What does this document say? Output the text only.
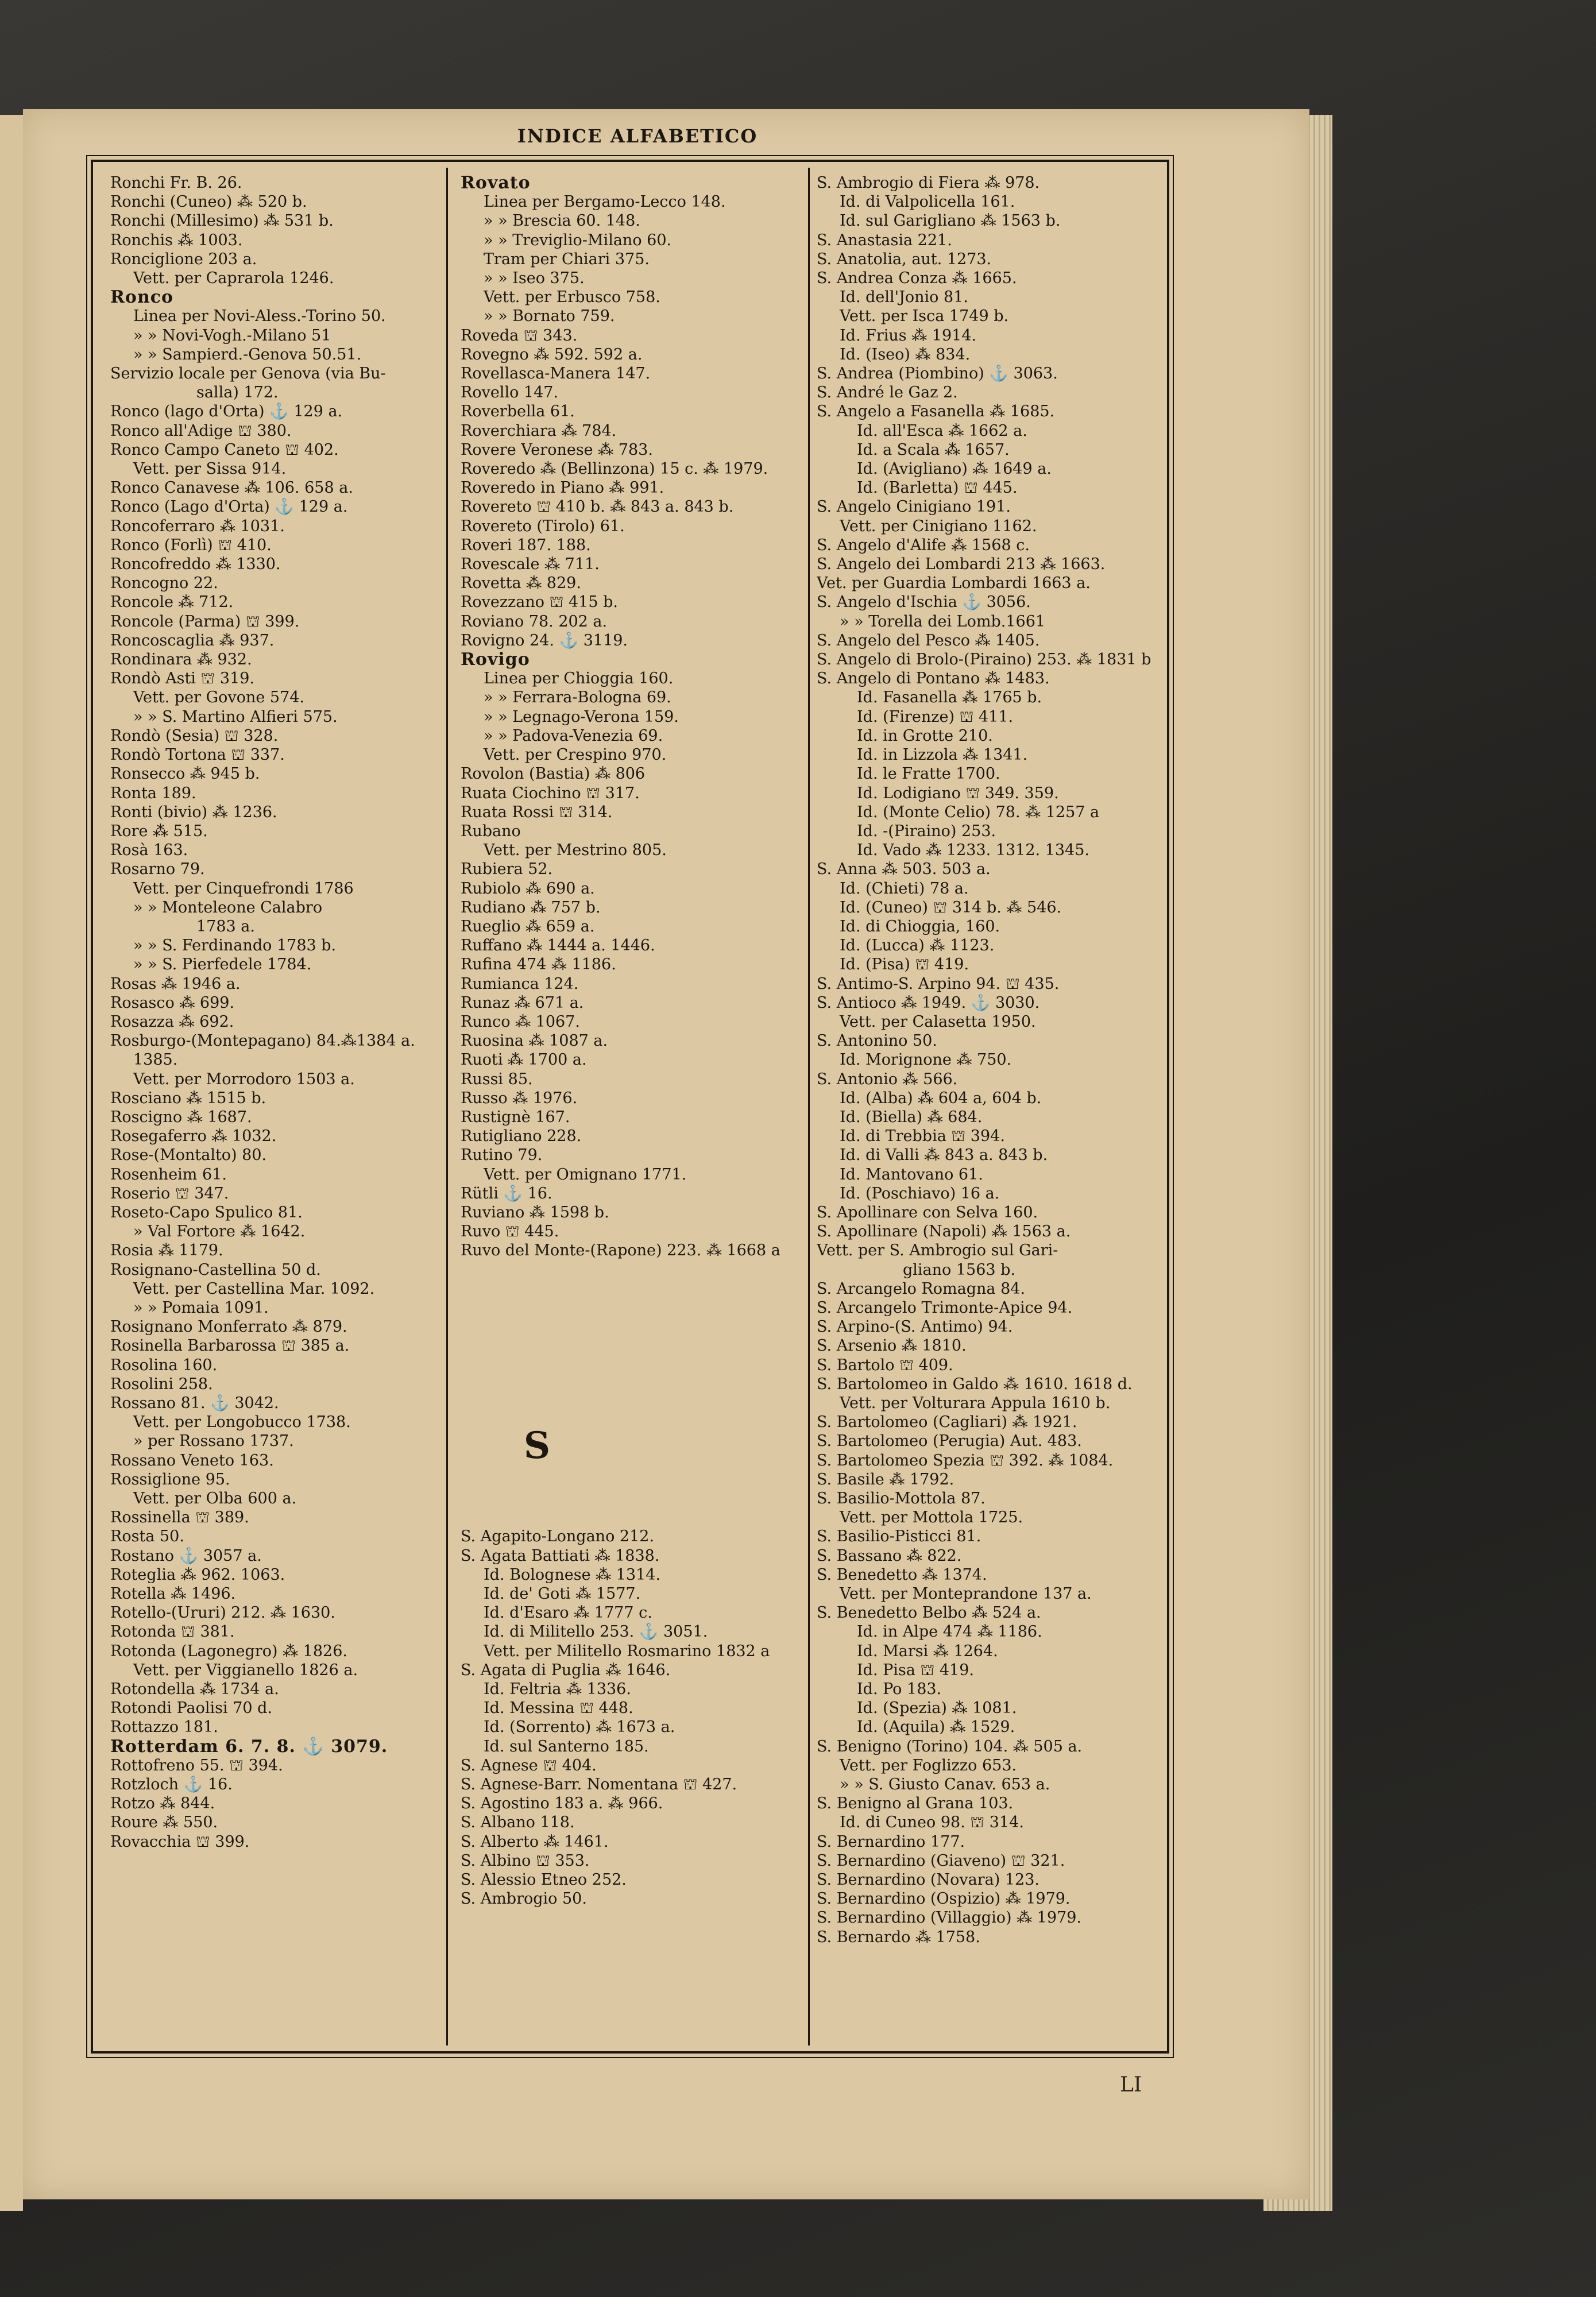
INDICE ALFABETICO
Ronchi Fr. B. 26.
Ronchi (Cuneo) ⁂ 520 b.
Ronchi (Millesimo) ⁂ 531 b.
Ronchis ⁂ 1003.
Ronciglione 203 a.
Vett. per Caprarola 1246.
Ronco
Linea per Novi-Aless.-Torino 50.
» » Novi-Vogh.-Milano 51
» » Sampierd.-Genova 50.51.
Servizio locale per Genova (via Bu-
salla) 172.
Ronco (lago d'Orta) ⚓ 129 a.
Ronco all'Adige ⛫ 380.
Ronco Campo Caneto ⛫ 402.
Vett. per Sissa 914.
Ronco Canavese ⁂ 106. 658 a.
Ronco (Lago d'Orta) ⚓ 129 a.
Roncoferraro ⁂ 1031.
Ronco (Forlì) ⛫ 410.
Roncofreddo ⁂ 1330.
Roncogno 22.
Roncole ⁂ 712.
Roncole (Parma) ⛫ 399.
Roncoscaglia ⁂ 937.
Rondinara ⁂ 932.
Rondò Asti ⛫ 319.
Vett. per Govone 574.
» » S. Martino Alfieri 575.
Rondò (Sesia) ⛫ 328.
Rondò Tortona ⛫ 337.
Ronsecco ⁂ 945 b.
Ronta 189.
Ronti (bivio) ⁂ 1236.
Rore ⁂ 515.
Rosà 163.
Rosarno 79.
Vett. per Cinquefrondi 1786
» » Monteleone Calabro
1783 a.
» » S. Ferdinando 1783 b.
» » S. Pierfedele 1784.
Rosas ⁂ 1946 a.
Rosasco ⁂ 699.
Rosazza ⁂ 692.
Rosburgo-(Montepagano) 84.⁂1384 a.
1385.
Vett. per Morrodoro 1503 a.
Rosciano ⁂ 1515 b.
Roscigno ⁂ 1687.
Rosegaferro ⁂ 1032.
Rose-(Montalto) 80.
Rosenheim 61.
Roserio ⛫ 347.
Roseto-Capo Spulico 81.
» Val Fortore ⁂ 1642.
Rosia ⁂ 1179.
Rosignano-Castellina 50 d.
Vett. per Castellina Mar. 1092.
» » Pomaia 1091.
Rosignano Monferrato ⁂ 879.
Rosinella Barbarossa ⛫ 385 a.
Rosolina 160.
Rosolini 258.
Rossano 81. ⚓ 3042.
Vett. per Longobucco 1738.
» per Rossano 1737.
Rossano Veneto 163.
Rossiglione 95.
Vett. per Olba 600 a.
Rossinella ⛫ 389.
Rosta 50.
Rostano ⚓ 3057 a.
Roteglia ⁂ 962. 1063.
Rotella ⁂ 1496.
Rotello-(Ururi) 212. ⁂ 1630.
Rotonda ⛫ 381.
Rotonda (Lagonegro) ⁂ 1826.
Vett. per Viggianello 1826 a.
Rotondella ⁂ 1734 a.
Rotondi Paolisi 70 d.
Rottazzo 181.
Rotterdam 6. 7. 8. ⚓ 3079.
Rottofreno 55. ⛫ 394.
Rotzloch ⚓ 16.
Rotzo ⁂ 844.
Roure ⁂ 550.
Rovacchia ⛫ 399.
Rovato
Linea per Bergamo-Lecco 148.
» » Brescia 60. 148.
» » Treviglio-Milano 60.
Tram per Chiari 375.
» » Iseo 375.
Vett. per Erbusco 758.
» » Bornato 759.
Roveda ⛫ 343.
Rovegno ⁂ 592. 592 a.
Rovellasca-Manera 147.
Rovello 147.
Roverbella 61.
Roverchiara ⁂ 784.
Rovere Veronese ⁂ 783.
Roveredo ⁂ (Bellinzona) 15 c. ⁂ 1979.
Roveredo in Piano ⁂ 991.
Rovereto ⛫ 410 b. ⁂ 843 a. 843 b.
Rovereto (Tirolo) 61.
Roveri 187. 188.
Rovescale ⁂ 711.
Rovetta ⁂ 829.
Rovezzano ⛫ 415 b.
Roviano 78. 202 a.
Rovigno 24. ⚓ 3119.
Rovigo
Linea per Chioggia 160.
» » Ferrara-Bologna 69.
» » Legnago-Verona 159.
» » Padova-Venezia 69.
Vett. per Crespino 970.
Rovolon (Bastia) ⁂ 806
Ruata Ciochino ⛫ 317.
Ruata Rossi ⛫ 314.
Rubano
Vett. per Mestrino 805.
Rubiera 52.
Rubiolo ⁂ 690 a.
Rudiano ⁂ 757 b.
Rueglio ⁂ 659 a.
Ruffano ⁂ 1444 a. 1446.
Rufina 474 ⁂ 1186.
Rumianca 124.
Runaz ⁂ 671 a.
Runco ⁂ 1067.
Ruosina ⁂ 1087 a.
Ruoti ⁂ 1700 a.
Russi 85.
Russo ⁂ 1976.
Rustignè 167.
Rutigliano 228.
Rutino 79.
Vett. per Omignano 1771.
Rütli ⚓ 16.
Ruviano ⁂ 1598 b.
Ruvo ⛫ 445.
Ruvo del Monte-(Rapone) 223. ⁂ 1668 a

S. Agapito-Longano 212.
S. Agata Battiati ⁂ 1838.
Id. Bolognese ⁂ 1314.
Id. de' Goti ⁂ 1577.
Id. d'Esaro ⁂ 1777 c.
Id. di Militello 253. ⚓ 3051.
Vett. per Militello Rosmarino 1832 a
S. Agata di Puglia ⁂ 1646.
Id. Feltria ⁂ 1336.
Id. Messina ⛫ 448.
Id. (Sorrento) ⁂ 1673 a.
Id. sul Santerno 185.
S. Agnese ⛫ 404.
S. Agnese-Barr. Nomentana ⛫ 427.
S. Agostino 183 a. ⁂ 966.
S. Albano 118.
S. Alberto ⁂ 1461.
S. Albino ⛫ 353.
S. Alessio Etneo 252.
S. Ambrogio 50.
S. Ambrogio di Fiera ⁂ 978.
Id. di Valpolicella 161.
Id. sul Garigliano ⁂ 1563 b.
S. Anastasia 221.
S. Anatolia, aut. 1273.
S. Andrea Conza ⁂ 1665.
Id. dell'Jonio 81.
Vett. per Isca 1749 b.
Id. Frius ⁂ 1914.
Id. (Iseo) ⁂ 834.
S. Andrea (Piombino) ⚓ 3063.
S. André le Gaz 2.
S. Angelo a Fasanella ⁂ 1685.
Id. all'Esca ⁂ 1662 a.
Id. a Scala ⁂ 1657.
Id. (Avigliano) ⁂ 1649 a.
Id. (Barletta) ⛫ 445.
S. Angelo Cinigiano 191.
Vett. per Cinigiano 1162.
S. Angelo d'Alife ⁂ 1568 c.
S. Angelo dei Lombardi 213 ⁂ 1663.
Vet. per Guardia Lombardi 1663 a.
S. Angelo d'Ischia ⚓ 3056.
» » Torella dei Lomb.1661
S. Angelo del Pesco ⁂ 1405.
S. Angelo di Brolo-(Piraino) 253. ⁂ 1831 b
S. Angelo di Pontano ⁂ 1483.
Id. Fasanella ⁂ 1765 b.
Id. (Firenze) ⛫ 411.
Id. in Grotte 210.
Id. in Lizzola ⁂ 1341.
Id. le Fratte 1700.
Id. Lodigiano ⛫ 349. 359.
Id. (Monte Celio) 78. ⁂ 1257 a
Id. -(Piraino) 253.
Id. Vado ⁂ 1233. 1312. 1345.
S. Anna ⁂ 503. 503 a.
Id. (Chieti) 78 a.
Id. (Cuneo) ⛫ 314 b. ⁂ 546.
Id. di Chioggia, 160.
Id. (Lucca) ⁂ 1123.
Id. (Pisa) ⛫ 419.
S. Antimo-S. Arpino 94. ⛫ 435.
S. Antioco ⁂ 1949. ⚓ 3030.
Vett. per Calasetta 1950.
S. Antonino 50.
Id. Morignone ⁂ 750.
S. Antonio ⁂ 566.
Id. (Alba) ⁂ 604 a, 604 b.
Id. (Biella) ⁂ 684.
Id. di Trebbia ⛫ 394.
Id. di Valli ⁂ 843 a. 843 b.
Id. Mantovano 61.
Id. (Poschiavo) 16 a.
S. Apollinare con Selva 160.
S. Apollinare (Napoli) ⁂ 1563 a.
Vett. per S. Ambrogio sul Gari-
gliano 1563 b.
S. Arcangelo Romagna 84.
S. Arcangelo Trimonte-Apice 94.
S. Arpino-(S. Antimo) 94.
S. Arsenio ⁂ 1810.
S. Bartolo ⛫ 409.
S. Bartolomeo in Galdo ⁂ 1610. 1618 d.
Vett. per Volturara Appula 1610 b.
S. Bartolomeo (Cagliari) ⁂ 1921.
S. Bartolomeo (Perugia) Aut. 483.
S. Bartolomeo Spezia ⛫ 392. ⁂ 1084.
S. Basile ⁂ 1792.
S. Basilio-Mottola 87.
Vett. per Mottola 1725.
S. Basilio-Pisticci 81.
S. Bassano ⁂ 822.
S. Benedetto ⁂ 1374.
Vett. per Monteprandone 137 a.
S. Benedetto Belbo ⁂ 524 a.
Id. in Alpe 474 ⁂ 1186.
Id. Marsi ⁂ 1264.
Id. Pisa ⛫ 419.
Id. Po 183.
Id. (Spezia) ⁂ 1081.
Id. (Aquila) ⁂ 1529.
S. Benigno (Torino) 104. ⁂ 505 a.
Vett. per Foglizzo 653.
» » S. Giusto Canav. 653 a.
S. Benigno al Grana 103.
Id. di Cuneo 98. ⛫ 314.
S. Bernardino 177.
S. Bernardino (Giaveno) ⛫ 321.
S. Bernardino (Novara) 123.
S. Bernardino (Ospizio) ⁂ 1979.
S. Bernardino (Villaggio) ⁂ 1979.
S. Bernardo ⁂ 1758.
S
LI
